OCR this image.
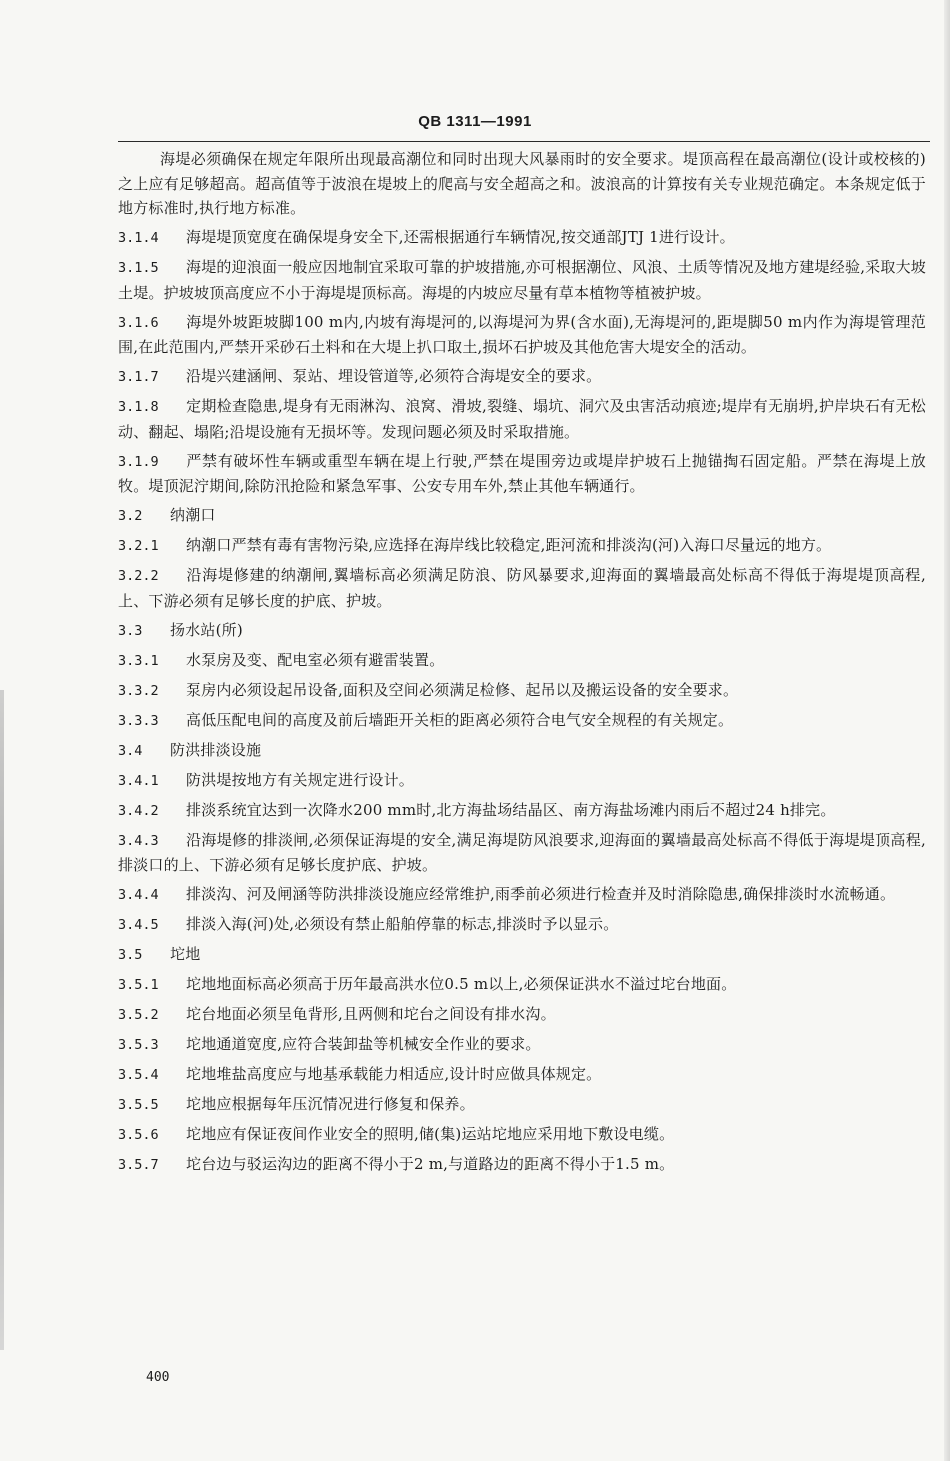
QB 1311—1991

海堤必须确保在规定年限所出现最高潮位和同时出现大风暴雨时的安全要求。堤顶高程在最高潮位(设计或校核的)之上应有足够超高。超高值等于波浪在堤坡上的爬高与安全超高之和。波浪高的计算按有关专业规范确定。本条规定低于地方标准时,执行地方标准。

3.1.4 海堤堤顶宽度在确保堤身安全下,还需根据通行车辆情况,按交通部JTJ 1进行设计。

3.1.5 海堤的迎浪面一般应因地制宜采取可靠的护坡措施,亦可根据潮位、风浪、土质等情况及地方建堤经验,采取大坡土堤。护坡坡顶高度应不小于海堤堤顶标高。海堤的内坡应尽量有草本植物等植被护坡。

3.1.6 海堤外坡距坡脚100 m内,内坡有海堤河的,以海堤河为界(含水面),无海堤河的,距堤脚50 m内作为海堤管理范围,在此范围内,严禁开采砂石土料和在大堤上扒口取土,损坏石护坡及其他危害大堤安全的活动。

3.1.7 沿堤兴建涵闸、泵站、埋设管道等,必须符合海堤安全的要求。

3.1.8 定期检查隐患,堤身有无雨淋沟、浪窝、滑坡,裂缝、塌坑、洞穴及虫害活动痕迹;堤岸有无崩坍,护岸块石有无松动、翻起、塌陷;沿堤设施有无损坏等。发现问题必须及时采取措施。

3.1.9 严禁有破坏性车辆或重型车辆在堤上行驶,严禁在堤围旁边或堤岸护坡石上抛锚掏石固定船。严禁在海堤上放牧。堤顶泥泞期间,除防汛抢险和紧急军事、公安专用车外,禁止其他车辆通行。

3.2 纳潮口

3.2.1 纳潮口严禁有毒有害物污染,应选择在海岸线比较稳定,距河流和排淡沟(河)入海口尽量远的地方。

3.2.2 沿海堤修建的纳潮闸,翼墙标高必须满足防浪、防风暴要求,迎海面的翼墙最高处标高不得低于海堤堤顶高程,上、下游必须有足够长度的护底、护坡。

3.3 扬水站(所)

3.3.1 水泵房及变、配电室必须有避雷装置。

3.3.2 泵房内必须设起吊设备,面积及空间必须满足检修、起吊以及搬运设备的安全要求。

3.3.3 高低压配电间的高度及前后墙距开关柜的距离必须符合电气安全规程的有关规定。

3.4 防洪排淡设施

3.4.1 防洪堤按地方有关规定进行设计。

3.4.2 排淡系统宜达到一次降水200 mm时,北方海盐场结晶区、南方海盐场滩内雨后不超过24 h排完。

3.4.3 沿海堤修的排淡闸,必须保证海堤的安全,满足海堤防风浪要求,迎海面的翼墙最高处标高不得低于海堤堤顶高程,排淡口的上、下游必须有足够长度护底、护坡。

3.4.4 排淡沟、河及闸涵等防洪排淡设施应经常维护,雨季前必须进行检查并及时消除隐患,确保排淡时水流畅通。

3.4.5 排淡入海(河)处,必须设有禁止船舶停靠的标志,排淡时予以显示。

3.5 坨地

3.5.1 坨地地面标高必须高于历年最高洪水位0.5 m以上,必须保证洪水不溢过坨台地面。

3.5.2 坨台地面必须呈龟背形,且两侧和坨台之间设有排水沟。

3.5.3 坨地通道宽度,应符合装卸盐等机械安全作业的要求。

3.5.4 坨地堆盐高度应与地基承载能力相适应,设计时应做具体规定。

3.5.5 坨地应根据每年压沉情况进行修复和保养。

3.5.6 坨地应有保证夜间作业安全的照明,储(集)运站坨地应采用地下敷设电缆。

3.5.7 坨台边与驳运沟边的距离不得小于2 m,与道路边的距离不得小于1.5 m。

400
